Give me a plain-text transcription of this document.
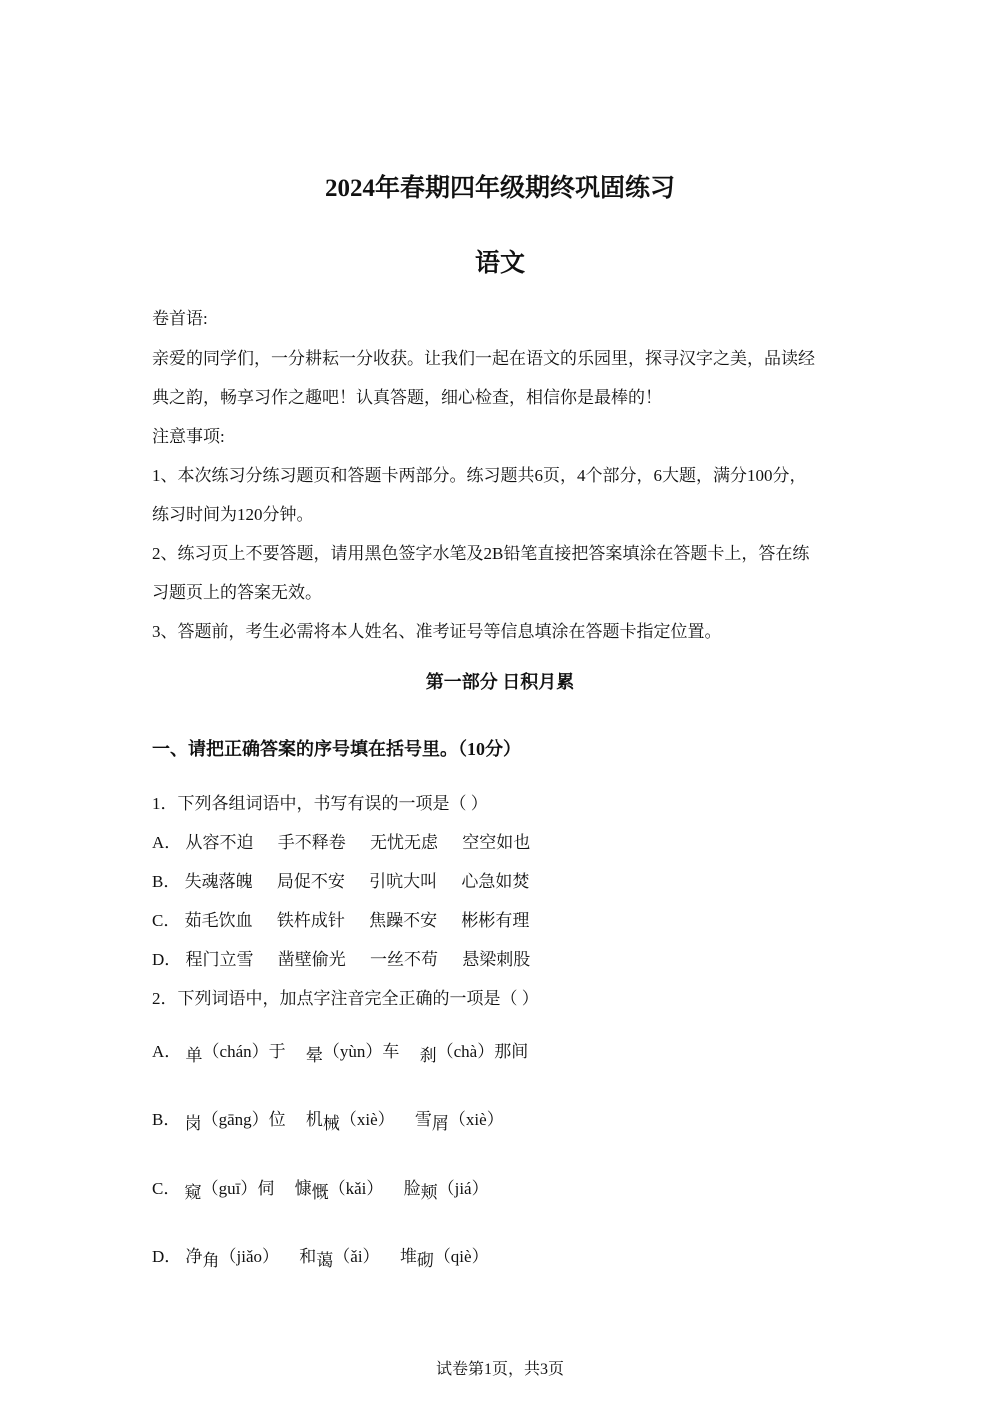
2024年春期四年级期终巩固练习
语文
卷首语:
亲爱的同学们，一分耕耘一分收获。让我们一起在语文的乐园里，探寻汉字之美，品读经
典之韵，畅享习作之趣吧！认真答题，细心检查，相信你是最棒的！
注意事项:
1、本次练习分练习题页和答题卡两部分。练习题共6页，4个部分，6大题，满分100分，
练习时间为120分钟。
2、练习页上不要答题，请用黑色签字水笔及2B铅笔直接把答案填涂在答题卡上，答在练
习题页上的答案无效。
3、答题前，考生必需将本人姓名、准考证号等信息填涂在答题卡指定位置。
第一部分 日积月累
一、请把正确答案的序号填在括号里。（10分）
1．下列各组词语中，书写有误的一项是（ ）
A． 从容不迫 手不释卷 无忧无虑 空空如也
B． 失魂落魄 局促不安 引吭大叫 心急如焚
C． 茹毛饮血 铁杵成针 焦躁不安 彬彬有理
D． 程门立雪 凿壁偷光 一丝不苟 悬梁刺股
2．下列词语中，加点字注音完全正确的一项是（ ）
A． 单（chán）于 晕（yùn）车 刹（chà）那间
B． 岗（gāng）位 机械（xiè） 雪屑（xiè）
C． 窥（guī）伺 慷慨（kǎi） 脸颊（jiá）
D． 净角（jiǎo） 和蔼（ǎi） 堆砌（qiè）
试卷第1页，共3页
